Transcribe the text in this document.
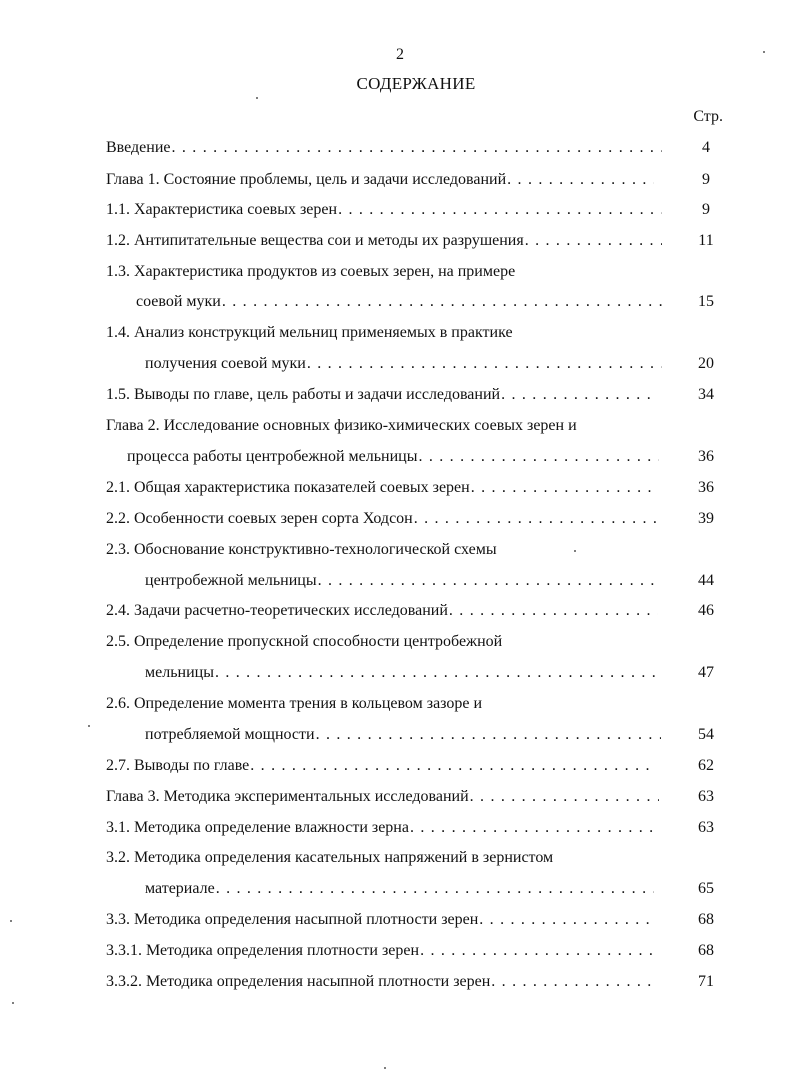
2
СОДЕРЖАНИЕ
Стр.
Введение . . .	4
Глава 1. Состояние проблемы, цель и задачи исследований . . .	9
1.1. Характеристика соевых зерен . . .	9
1.2. Антипитательные вещества сои и методы их разрушения . . .	11
1.3. Характеристика продуктов из соевых зерен, на примере
соевой муки . . .	15
1.4. Анализ конструкций мельниц применяемых в практике
получения соевой муки . . .	20
1.5. Выводы по главе, цель работы и задачи исследований . . .	34
Глава 2. Исследование основных физико-химических соевых зерен и
процесса работы центробежной мельницы . . .	36
2.1. Общая характеристика показателей соевых зерен . . .	36
2.2. Особенности соевых зерен сорта Ходсон . . .	39
2.3. Обоснование конструктивно-технологической схемы
центробежной мельницы . . .	44
2.4. Задачи расчетно-теоретических исследований . . .	46
2.5. Определение пропускной способности центробежной
мельницы . . .	47
2.6. Определение момента трения в кольцевом зазоре и
потребляемой мощности . . .	54
2.7. Выводы по главе . . .	62
Глава 3. Методика экспериментальных исследований . . .	63
3.1. Методика определение влажности зерна . . .	63
3.2. Методика определения касательных напряжений в зернистом
материале . . .	65
3.3. Методика определения насыпной плотности зерен . . .	68
3.3.1. Методика определения плотности зерен . . .	68
3.3.2. Методика определения насыпной плотности зерен . . .	71
